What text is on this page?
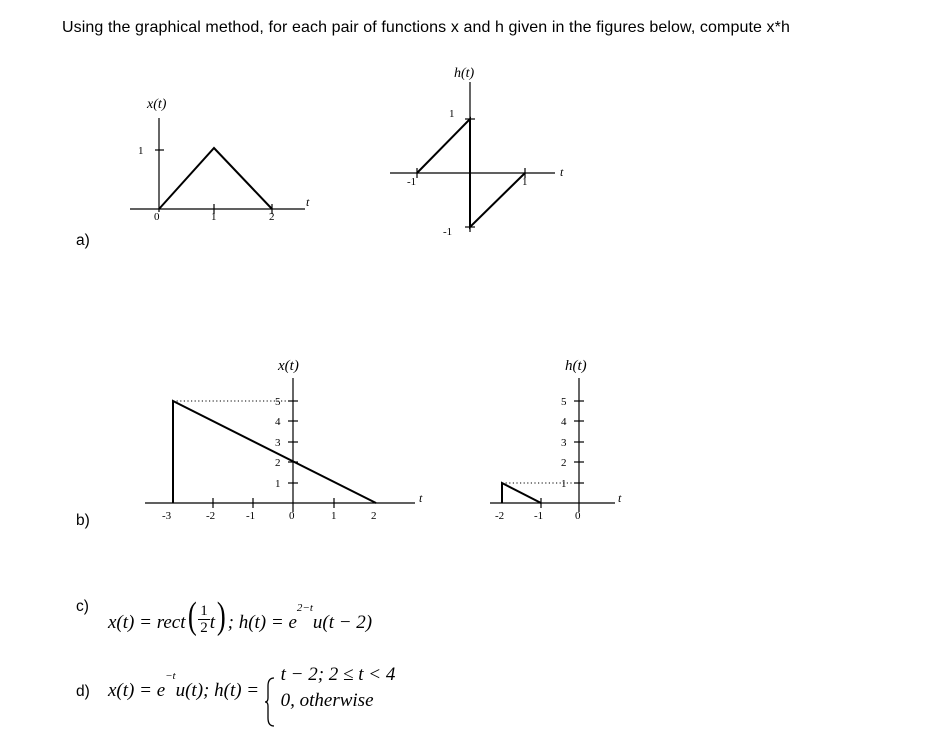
Using the graphical method, for each pair of functions x and h given in the figures below, compute x*h
a)
x(t)
1
0	1	2
t
h(t)
1
-1
-1	1
t
b)
x(t)
5
4
3
2
1
-3	-2	-1	0	1	2
t
h(t)
5
4
3
2
1
-2	-1	0
t
c)
x(t) = rect( $\frac{1}{2} t$); $h(t) = e^{2-t}u(t - 2)$
d) $x(t) = e^{-t}u(t)$; h(t) =
t − 2; 2 ≤ t < 4
0, otherwise
